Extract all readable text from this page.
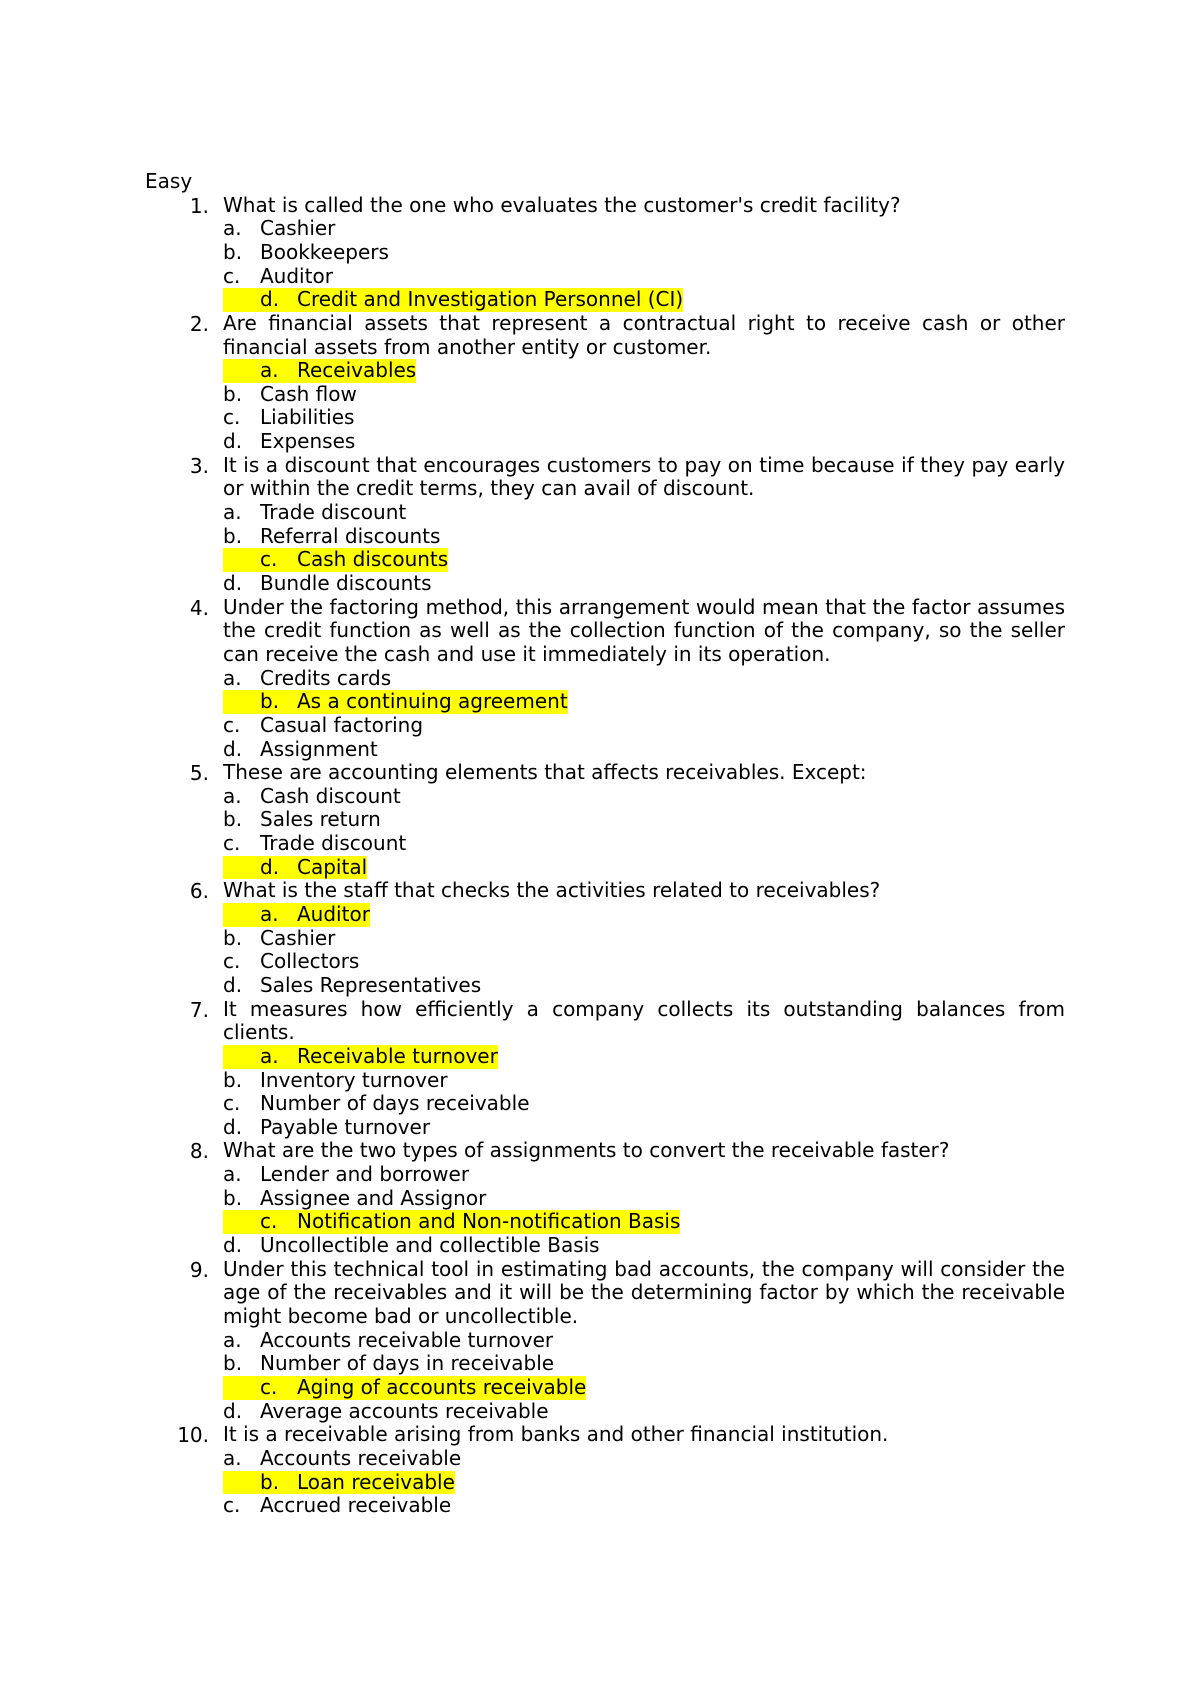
Easy
1. What is called the one who evaluates the customer's credit facility?
a. Cashier
b. Bookkeepers
c. Auditor
d. Credit and Investigation Personnel (CI)
2. Are financial assets that represent a contractual right to receive cash or other financial assets from another entity or customer.
a. Receivables
b. Cash flow
c. Liabilities
d. Expenses
3. It is a discount that encourages customers to pay on time because if they pay early or within the credit terms, they can avail of discount.
a. Trade discount
b. Referral discounts
c. Cash discounts
d. Bundle discounts
4. Under the factoring method, this arrangement would mean that the factor assumes the credit function as well as the collection function of the company, so the seller can receive the cash and use it immediately in its operation.
a. Credits cards
b. As a continuing agreement
c. Casual factoring
d. Assignment
5. These are accounting elements that affects receivables. Except:
a. Cash discount
b. Sales return
c. Trade discount
d. Capital
6. What is the staff that checks the activities related to receivables?
a. Auditor
b. Cashier
c. Collectors
d. Sales Representatives
7. It measures how efficiently a company collects its outstanding balances from clients.
a. Receivable turnover
b. Inventory turnover
c. Number of days receivable
d. Payable turnover
8. What are the two types of assignments to convert the receivable faster?
a. Lender and borrower
b. Assignee and Assignor
c. Notification and Non-notification Basis
d. Uncollectible and collectible Basis
9. Under this technical tool in estimating bad accounts, the company will consider the age of the receivables and it will be the determining factor by which the receivable might become bad or uncollectible.
a. Accounts receivable turnover
b. Number of days in receivable
c. Aging of accounts receivable
d. Average accounts receivable
10. It is a receivable arising from banks and other financial institution.
a. Accounts receivable
b. Loan receivable
c. Accrued receivable
